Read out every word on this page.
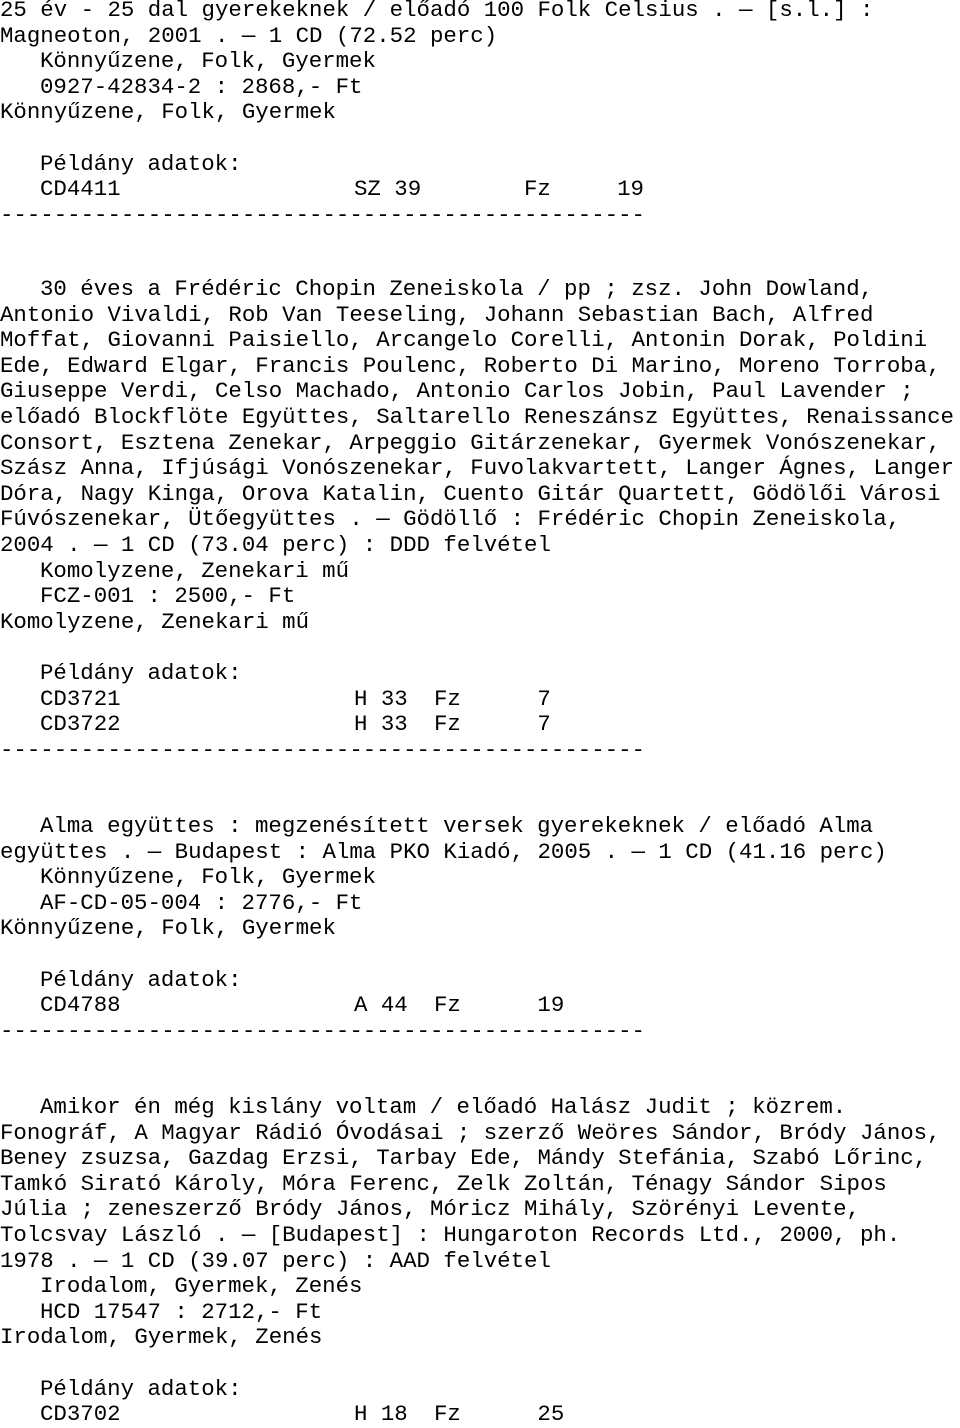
25 év - 25 dal gyerekeknek / előadó 100 Folk Celsius . — [s.l.] :
Magneoton, 2001 . — 1 CD (72.52 perc)
Könnyűzene, Folk, Gyermek
0927-42834-2 : 2868,- Ft
Könnyűzene, Folk, Gyermek
Példány adatok:
CD4411	SZ 39	Fz	19
------------------------------------------------
30 éves a Frédéric Chopin Zeneiskola / pp ; zsz. John Dowland,
Antonio Vivaldi, Rob Van Teeseling, Johann Sebastian Bach, Alfred
Moffat, Giovanni Paisiello, Arcangelo Corelli, Antonin Dorak, Poldini
Ede, Edward Elgar, Francis Poulenc, Roberto Di Marino, Moreno Torroba,
Giuseppe Verdi, Celso Machado, Antonio Carlos Jobin, Paul Lavender ;
előadó Blockflöte Együttes, Saltarello Reneszánsz Együttes, Renaissance
Consort, Esztena Zenekar, Arpeggio Gitárzenekar, Gyermek Vonószenekar,
Szász Anna, Ifjúsági Vonószenekar, Fuvolakvartett, Langer Ágnes, Langer
Dóra, Nagy Kinga, Orova Katalin, Cuento Gitár Quartett, Gödölői Városi
Fúvószenekar, Ütőegyüttes . — Gödöllő : Frédéric Chopin Zeneiskola,
2004 . — 1 CD (73.04 perc) : DDD felvétel
Komolyzene, Zenekari mű
FCZ-001 : 2500,- Ft
Komolyzene, Zenekari mű
Példány adatok:
CD3721	H 33	Fz	7
CD3722	H 33	Fz	7
------------------------------------------------
Alma együttes : megzenésített versek gyerekeknek / előadó Alma
együttes . — Budapest : Alma PKO Kiadó, 2005 . — 1 CD (41.16 perc)
Könnyűzene, Folk, Gyermek
AF-CD-05-004 : 2776,- Ft
Könnyűzene, Folk, Gyermek
Példány adatok:
CD4788	A 44	Fz	19
------------------------------------------------
Amikor én még kislány voltam / előadó Halász Judit ; közrem.
Fonográf, A Magyar Rádió Óvodásai ; szerző Weöres Sándor, Bródy János,
Beney zsuzsa, Gazdag Erzsi, Tarbay Ede, Mándy Stefánia, Szabó Lőrinc,
Tamkó Sirató Károly, Móra Ferenc, Zelk Zoltán, Ténagy Sándor Sipos
Júlia ; zeneszerző Bródy János, Móricz Mihály, Szörényi Levente,
Tolcsvay László . — [Budapest] : Hungaroton Records Ltd., 2000, ph.
1978 . — 1 CD (39.07 perc) : AAD felvétel
Irodalom, Gyermek, Zenés
HCD 17547 : 2712,- Ft
Irodalom, Gyermek, Zenés
Példány adatok:
CD3702	H 18	Fz	25
